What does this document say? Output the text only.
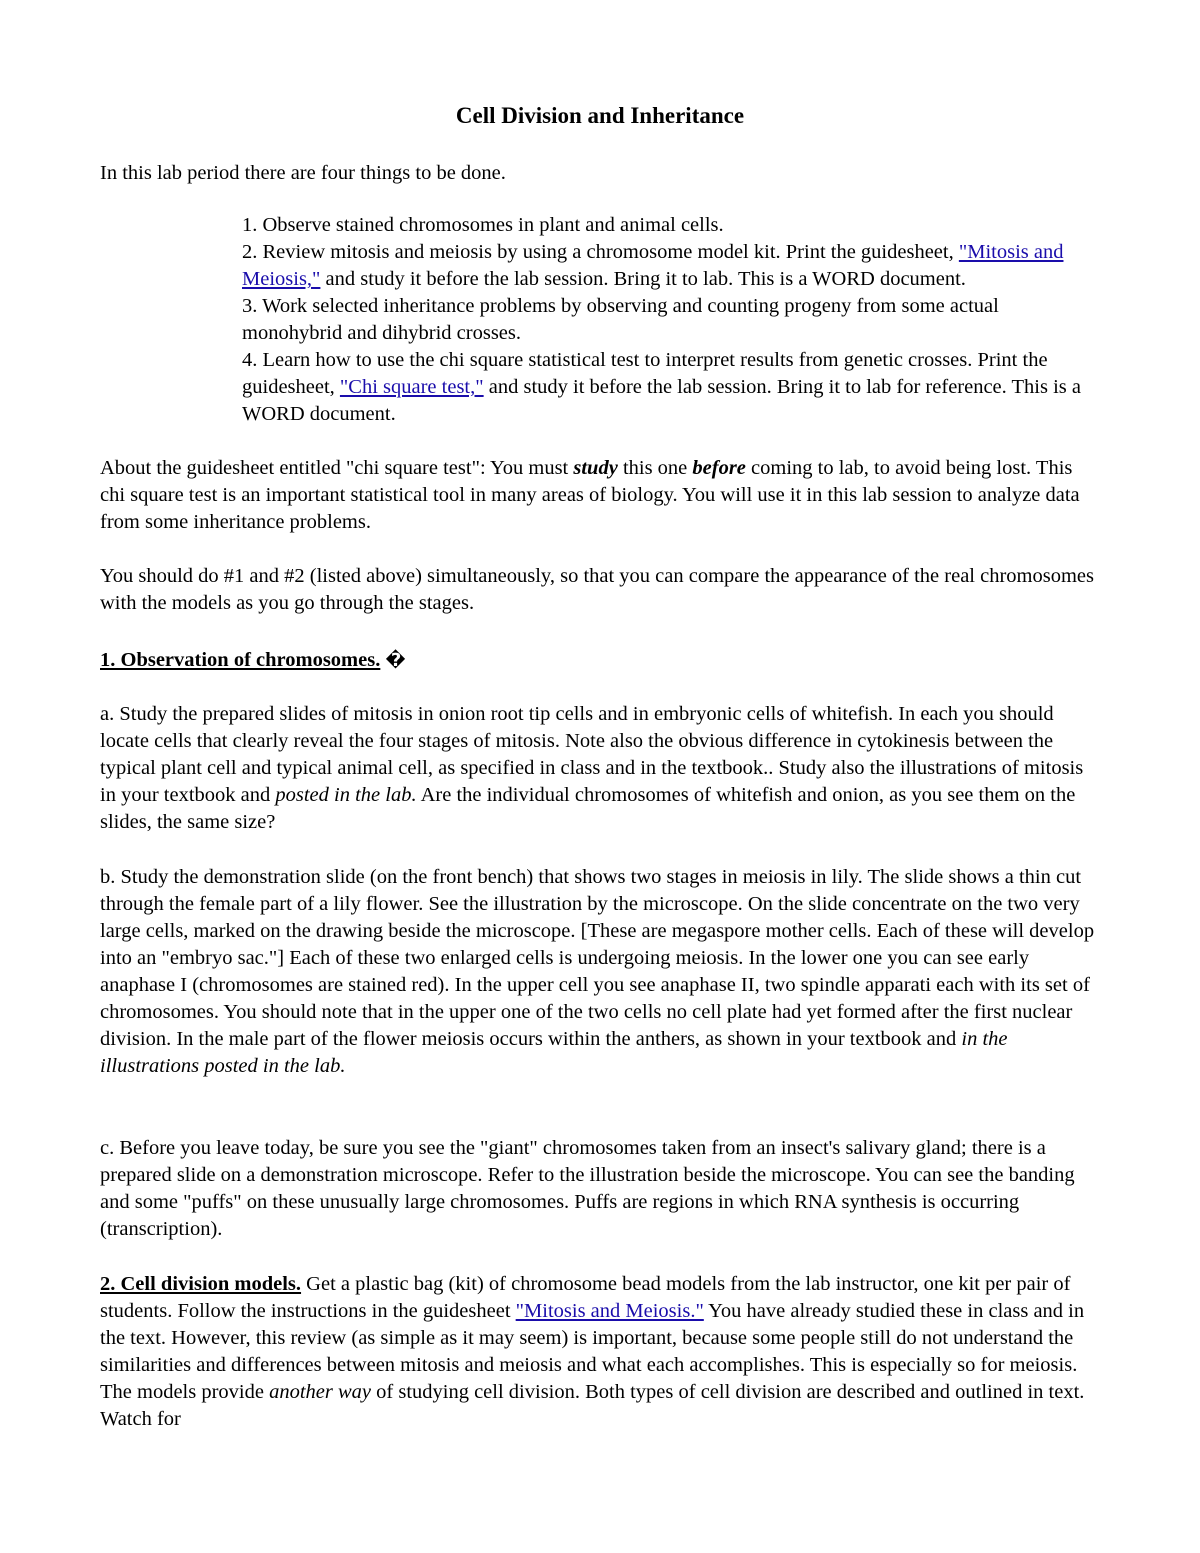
Cell Division and Inheritance

In this lab period there are four things to be done.

1. Observe stained chromosomes in plant and animal cells.

2. Review mitosis and meiosis by using a chromosome model kit. Print the guidesheet, "Mitosis and Meiosis," and study it before the lab session. Bring it to lab. This is a WORD document.

3. Work selected inheritance problems by observing and counting progeny from some actual monohybrid and dihybrid crosses.

4. Learn how to use the chi square statistical test to interpret results from genetic crosses. Print the guidesheet, "Chi square test," and study it before the lab session. Bring it to lab for reference. This is a WORD document.

About the guidesheet entitled "chi square test": You must study this one before coming to lab, to avoid being lost. This chi square test is an important statistical tool in many areas of biology. You will use it in this lab session to analyze data from some inheritance problems.

You should do #1 and #2 (listed above) simultaneously, so that you can compare the appearance of the real chromosomes with the models as you go through the stages.

1. Observation of chromosomes. �

a. Study the prepared slides of mitosis in onion root tip cells and in embryonic cells of whitefish. In each you should locate cells that clearly reveal the four stages of mitosis. Note also the obvious difference in cytokinesis between the typical plant cell and typical animal cell, as specified in class and in the textbook.. Study also the illustrations of mitosis in your textbook and posted in the lab. Are the individual chromosomes of whitefish and onion, as you see them on the slides, the same size?

b. Study the demonstration slide (on the front bench) that shows two stages in meiosis in lily. The slide shows a thin cut through the female part of a lily flower. See the illustration by the microscope. On the slide concentrate on the two very large cells, marked on the drawing beside the microscope. [These are megaspore mother cells. Each of these will develop into an "embryo sac."] Each of these two enlarged cells is undergoing meiosis. In the lower one you can see early anaphase I (chromosomes are stained red). In the upper cell you see anaphase II, two spindle apparati each with its set of chromosomes. You should note that in the upper one of the two cells no cell plate had yet formed after the first nuclear division. In the male part of the flower meiosis occurs within the anthers, as shown in your textbook and in the illustrations posted in the lab.

c. Before you leave today, be sure you see the "giant" chromosomes taken from an insect's salivary gland; there is a prepared slide on a demonstration microscope. Refer to the illustration beside the microscope. You can see the banding and some "puffs" on these unusually large chromosomes. Puffs are regions in which RNA synthesis is occurring (transcription).

2. Cell division models. Get a plastic bag (kit) of chromosome bead models from the lab instructor, one kit per pair of students. Follow the instructions in the guidesheet "Mitosis and Meiosis." You have already studied these in class and in the text. However, this review (as simple as it may seem) is important, because some people still do not understand the similarities and differences between mitosis and meiosis and what each accomplishes. This is especially so for meiosis. The models provide another way of studying cell division. Both types of cell division are described and outlined in text. Watch for
